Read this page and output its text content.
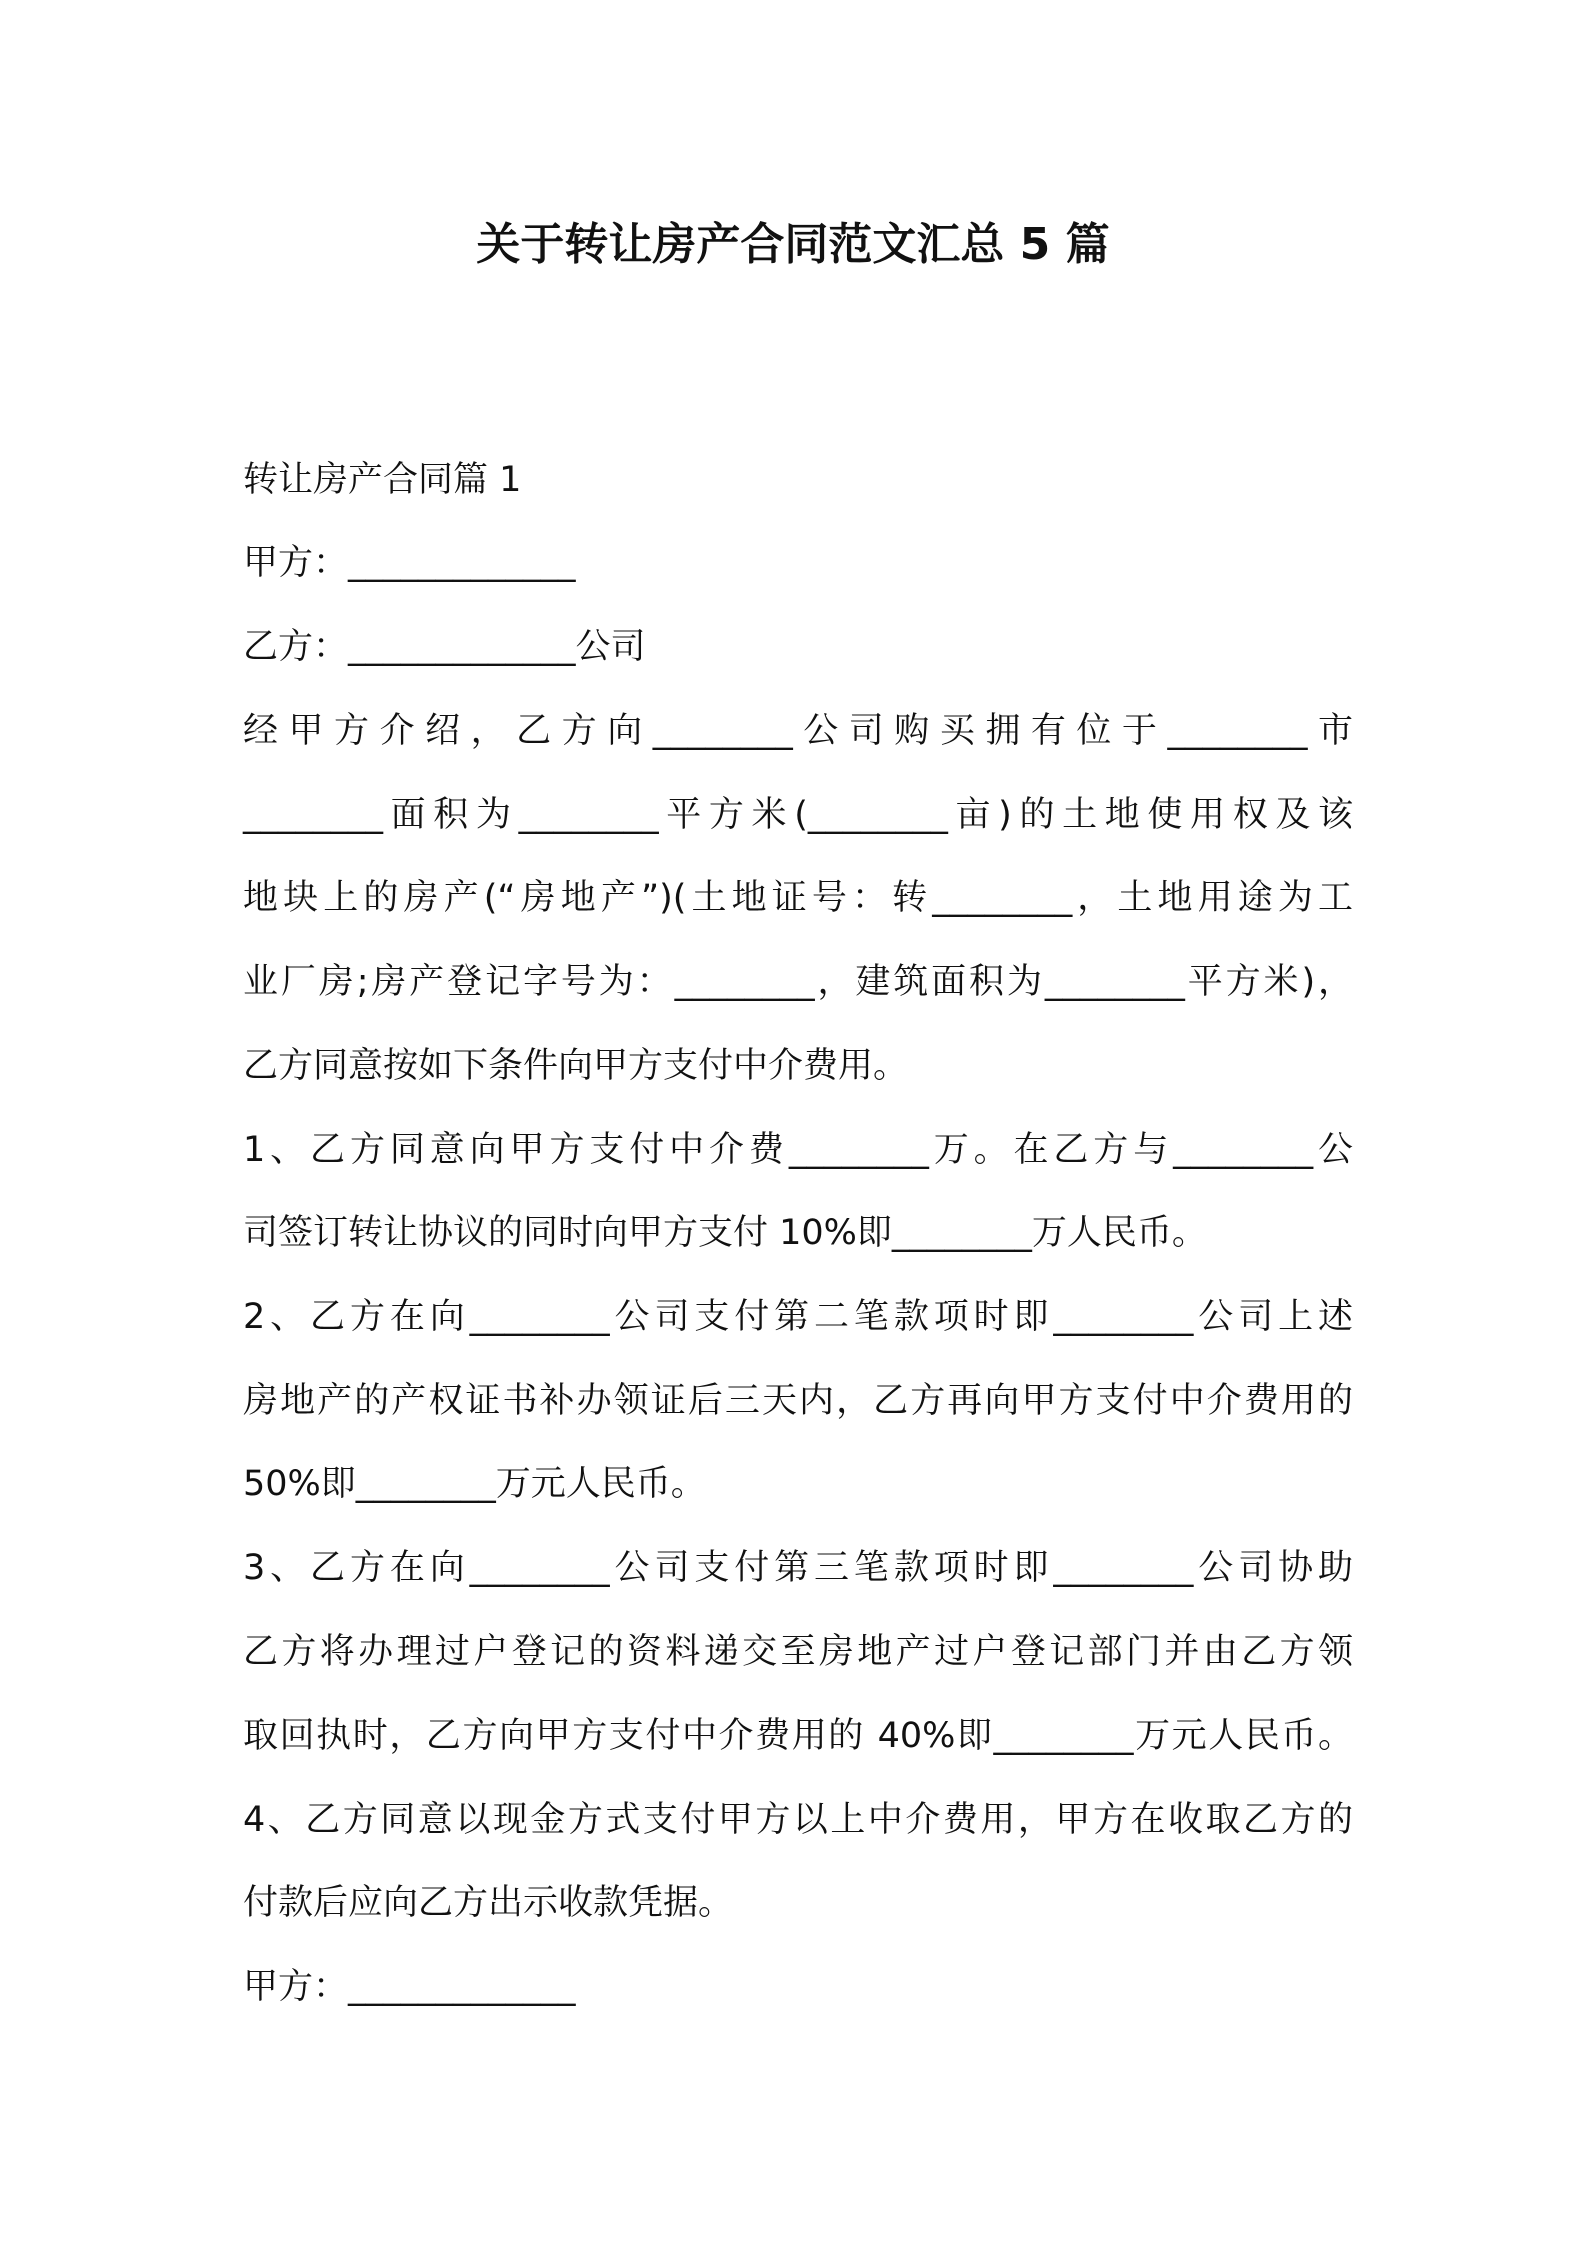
关于转让房产合同范文汇总 5 篇
转让房产合同篇 1
甲方：_____________
乙方：_____________公司
经甲方介绍，乙方向________公司购买拥有位于________市
________面积为________平方米(________亩)的土地使用权及该
地块上的房产(“房地产”)(土地证号：转________，土地用途为工
业厂房;房产登记字号为：________，建筑面积为________平方米)，
乙方同意按如下条件向甲方支付中介费用。
1、乙方同意向甲方支付中介费________万。在乙方与________公
司签订转让协议的同时向甲方支付 10%即________万人民币。
2、乙方在向________公司支付第二笔款项时即________公司上述
房地产的产权证书补办领证后三天内，乙方再向甲方支付中介费用的
50%即________万元人民币。
3、乙方在向________公司支付第三笔款项时即________公司协助
乙方将办理过户登记的资料递交至房地产过户登记部门并由乙方领
取回执时，乙方向甲方支付中介费用的 40%即________万元人民币。
4、乙方同意以现金方式支付甲方以上中介费用，甲方在收取乙方的
付款后应向乙方出示收款凭据。
甲方：_____________
